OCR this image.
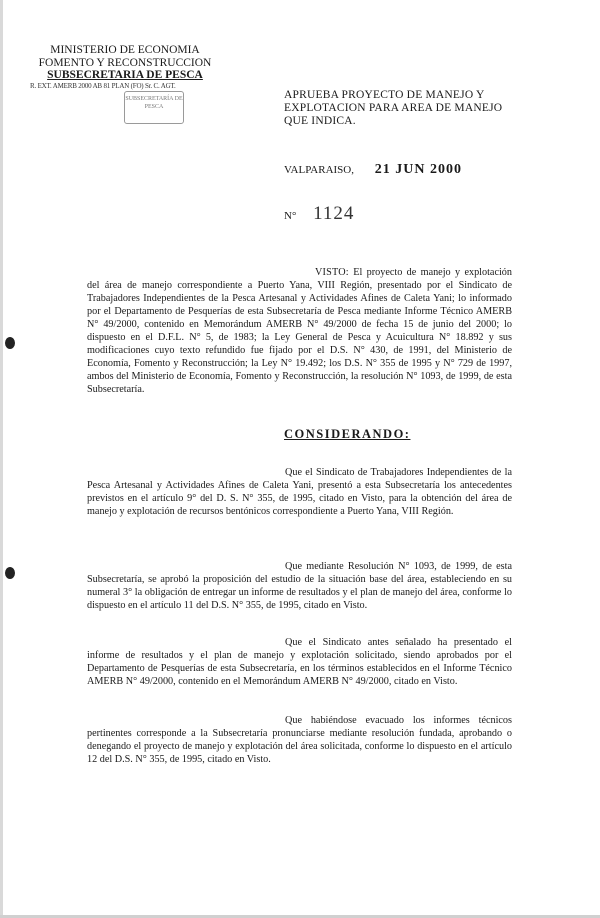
MINISTERIO DE ECONOMIA
FOMENTO Y RECONSTRUCCION
SUBSECRETARIA DE PESCA
R. EXT. AMERB 2000 AB 81 PLAN (FO) Sr. C. AGT.
SUBSECRETARÍA DE PESCA
APRUEBA PROYECTO DE MANEJO Y EXPLOTACION PARA AREA DE MANEJO QUE INDICA.
VALPARAISO, 21 JUN 2000
N° 1124
VISTO: El proyecto de manejo y explotación del área de manejo correspondiente a Puerto Yana, VIII Región, presentado por el Sindicato de Trabajadores Independientes de la Pesca Artesanal y Actividades Afines de Caleta Yani; lo informado por el Departamento de Pesquerías de esta Subsecretaría de Pesca mediante Informe Técnico AMERB N° 49/2000, contenido en Memorándum AMERB N° 49/2000 de fecha 15 de junio del 2000; lo dispuesto en el D.F.L. N° 5, de 1983; la Ley General de Pesca y Acuicultura N° 18.892 y sus modificaciones cuyo texto refundido fue fijado por el D.S. N° 430, de 1991, del Ministerio de Economía, Fomento y Reconstrucción; la Ley N° 19.492; los D.S. N° 355 de 1995 y N° 729 de 1997, ambos del Ministerio de Economía, Fomento y Reconstrucción, la resolución N° 1093, de 1999, de esta Subsecretaría.
CONSIDERANDO:
Que el Sindicato de Trabajadores Independientes de la Pesca Artesanal y Actividades Afines de Caleta Yani, presentó a esta Subsecretaría los antecedentes previstos en el artículo 9° del D. S. N° 355, de 1995, citado en Visto, para la obtención del área de manejo y explotación de recursos bentónicos correspondiente a Puerto Yana, VIII Región.
Que mediante Resolución N° 1093, de 1999, de esta Subsecretaría, se aprobó la proposición del estudio de la situación base del área, estableciendo en su numeral 3° la obligación de entregar un informe de resultados y el plan de manejo del área, conforme lo dispuesto en el artículo 11 del D.S. N° 355, de 1995, citado en Visto.
Que el Sindicato antes señalado ha presentado el informe de resultados y el plan de manejo y explotación solicitado, siendo aprobados por el Departamento de Pesquerías de esta Subsecretaría, en los términos establecidos en el Informe Técnico AMERB N° 49/2000, contenido en el Memorándum AMERB N° 49/2000, citado en Visto.
Que habiéndose evacuado los informes técnicos pertinentes corresponde a la Subsecretaría pronunciarse mediante resolución fundada, aprobando o denegando el proyecto de manejo y explotación del área solicitada, conforme lo dispuesto en el artículo 12 del D.S. N° 355, de 1995, citado en Visto.
